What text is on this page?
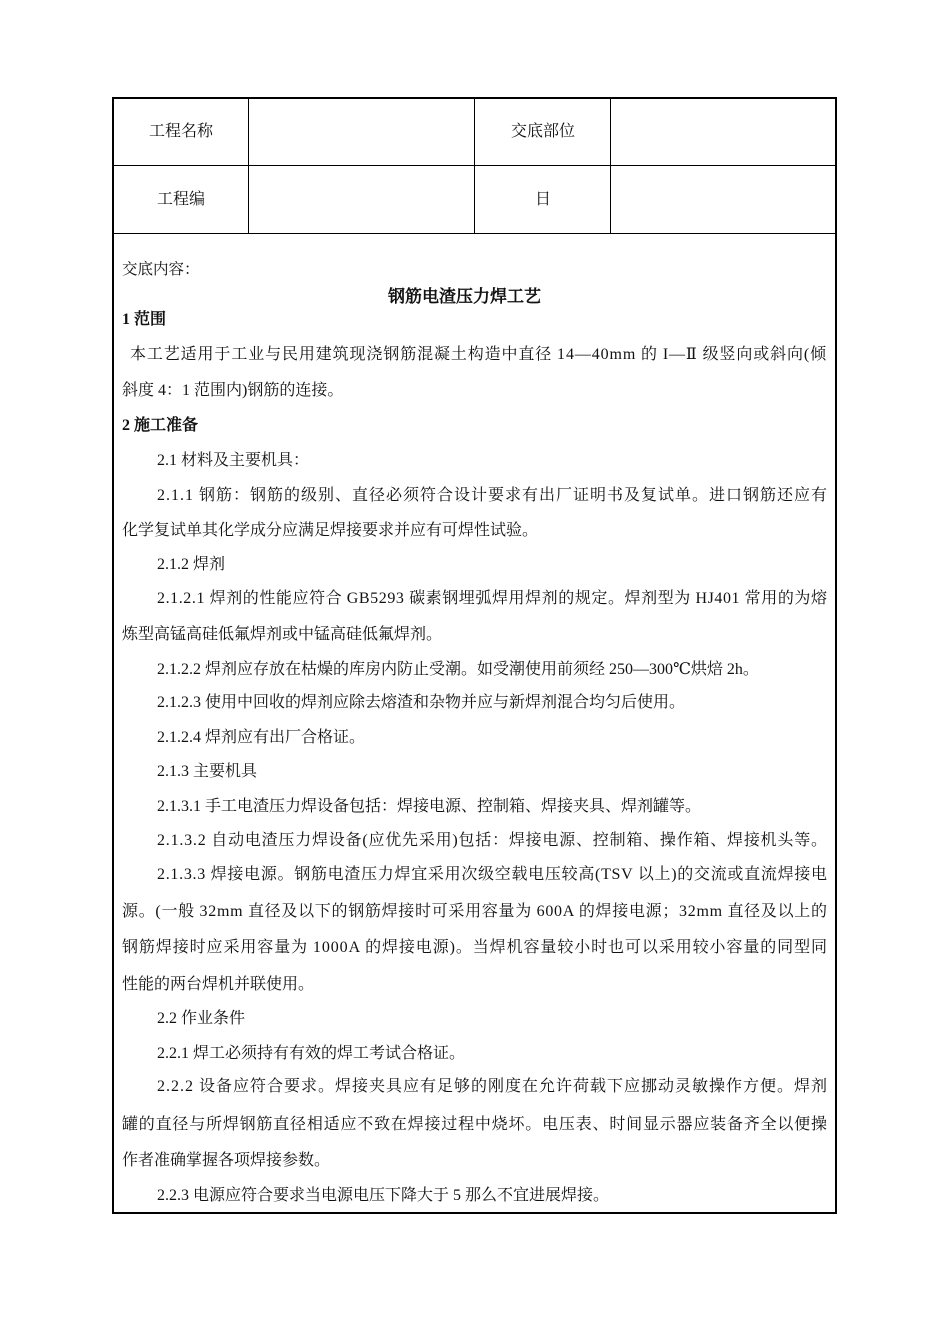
工程名称	交底部位
工程编	日
交底内容：
钢筋电渣压力焊工艺
1 范围
本工艺适用于工业与民用建筑现浇钢筋混凝土构造中直径 14—40mm 的 I—Ⅱ 级竖向或斜向(倾
斜度 4：1 范围内)钢筋的连接。
2 施工准备
2.1 材料及主要机具：
2.1.1 钢筋：钢筋的级别、直径必须符合设计要求有出厂证明书及复试单。进口钢筋还应有
化学复试单其化学成分应满足焊接要求并应有可焊性试验。
2.1.2 焊剂
2.1.2.1 焊剂的性能应符合 GB5293 碳素钢埋弧焊用焊剂的规定。焊剂型为 HJ401 常用的为熔
炼型高锰高硅低氟焊剂或中锰高硅低氟焊剂。
2.1.2.2 焊剂应存放在枯燥的库房内防止受潮。如受潮使用前须经 250—300℃烘焙 2h。
2.1.2.3 使用中回收的焊剂应除去熔渣和杂物并应与新焊剂混合均匀后使用。
2.1.2.4 焊剂应有出厂合格证。
2.1.3 主要机具
2.1.3.1 手工电渣压力焊设备包括：焊接电源、控制箱、焊接夹具、焊剂罐等。
2.1.3.2 自动电渣压力焊设备(应优先采用)包括：焊接电源、控制箱、操作箱、焊接机头等。
2.1.3.3 焊接电源。钢筋电渣压力焊宜采用次级空载电压较高(TSV 以上)的交流或直流焊接电
源。(一般 32mm 直径及以下的钢筋焊接时可采用容量为 600A 的焊接电源；32mm 直径及以上的
钢筋焊接时应采用容量为 1000A 的焊接电源)。当焊机容量较小时也可以采用较小容量的同型同
性能的两台焊机并联使用。
2.2 作业条件
2.2.1 焊工必须持有有效的焊工考试合格证。
2.2.2 设备应符合要求。焊接夹具应有足够的刚度在允许荷载下应挪动灵敏操作方便。焊剂
罐的直径与所焊钢筋直径相适应不致在焊接过程中烧坏。电压表、时间显示器应装备齐全以便操
作者准确掌握各项焊接参数。
2.2.3 电源应符合要求当电源电压下降大于 5 那么不宜进展焊接。
